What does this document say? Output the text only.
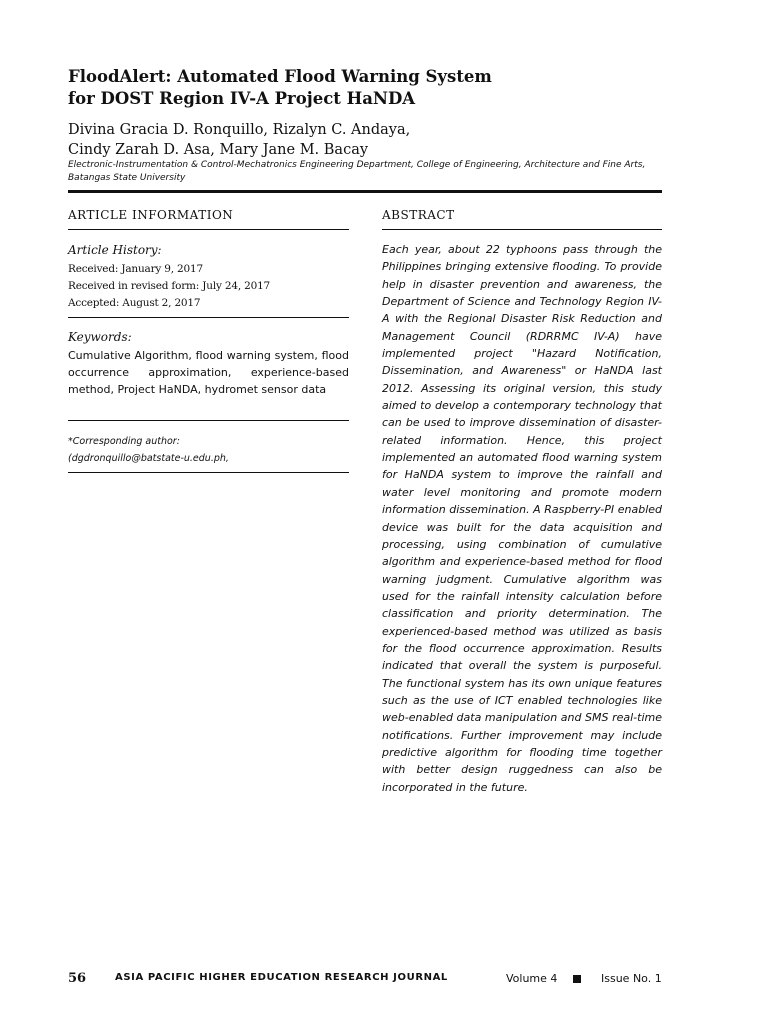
FloodAlert: Automated Flood Warning System
for DOST Region IV-A Project HaNDA

Divina Gracia D. Ronquillo, Rizalyn C. Andaya,
Cindy Zarah D. Asa, Mary Jane M. Bacay

Electronic-Instrumentation & Control-Mechatronics Engineering Department, College of Engineering, Architecture and Fine Arts,
Batangas State University
ARTICLE INFORMATION
Article History:
Received: January 9, 2017
Received in revised form: July 24, 2017
Accepted: August 2, 2017
Keywords:

Cumulative Algorithm, flood warning system, flood occurrence approximation, experience-based method, Project HaNDA, hydromet sensor data

*Corresponding author:
(dgdronquillo@batstate-u.edu.ph,
ABSTRACT

Each year, about 22 typhoons pass through the Philippines bringing extensive flooding. To provide help in disaster prevention and awareness, the Department of Science and Technology Region IV-A with the Regional Disaster Risk Reduction and Management Council (RDRRMC IV-A) have implemented project "Hazard Notification, Dissemination, and Awareness" or HaNDA last 2012. Assessing its original version, this study aimed to develop a contemporary technology that can be used to improve dissemination of disaster-related information. Hence, this project implemented an automated flood warning system for HaNDA system to improve the rainfall and water level monitoring and promote modern information dissemination. A Raspberry-PI enabled device was built for the data acquisition and processing, using combination of cumulative algorithm and experience-based method for flood warning judgment. Cumulative algorithm was used for the rainfall intensity calculation before classification and priority determination. The experienced-based method was utilized as basis for the flood occurrence approximation. Results indicated that overall the system is purposeful. The functional system has its own unique features such as the use of ICT enabled technologies like web-enabled data manipulation and SMS real-time notifications. Further improvement may include predictive algorithm for flooding time together with better design ruggedness can also be incorporated in the future.

56	ASIA PACIFIC HIGHER EDUCATION RESEARCH JOURNAL	Volume 4	Issue No. 1
